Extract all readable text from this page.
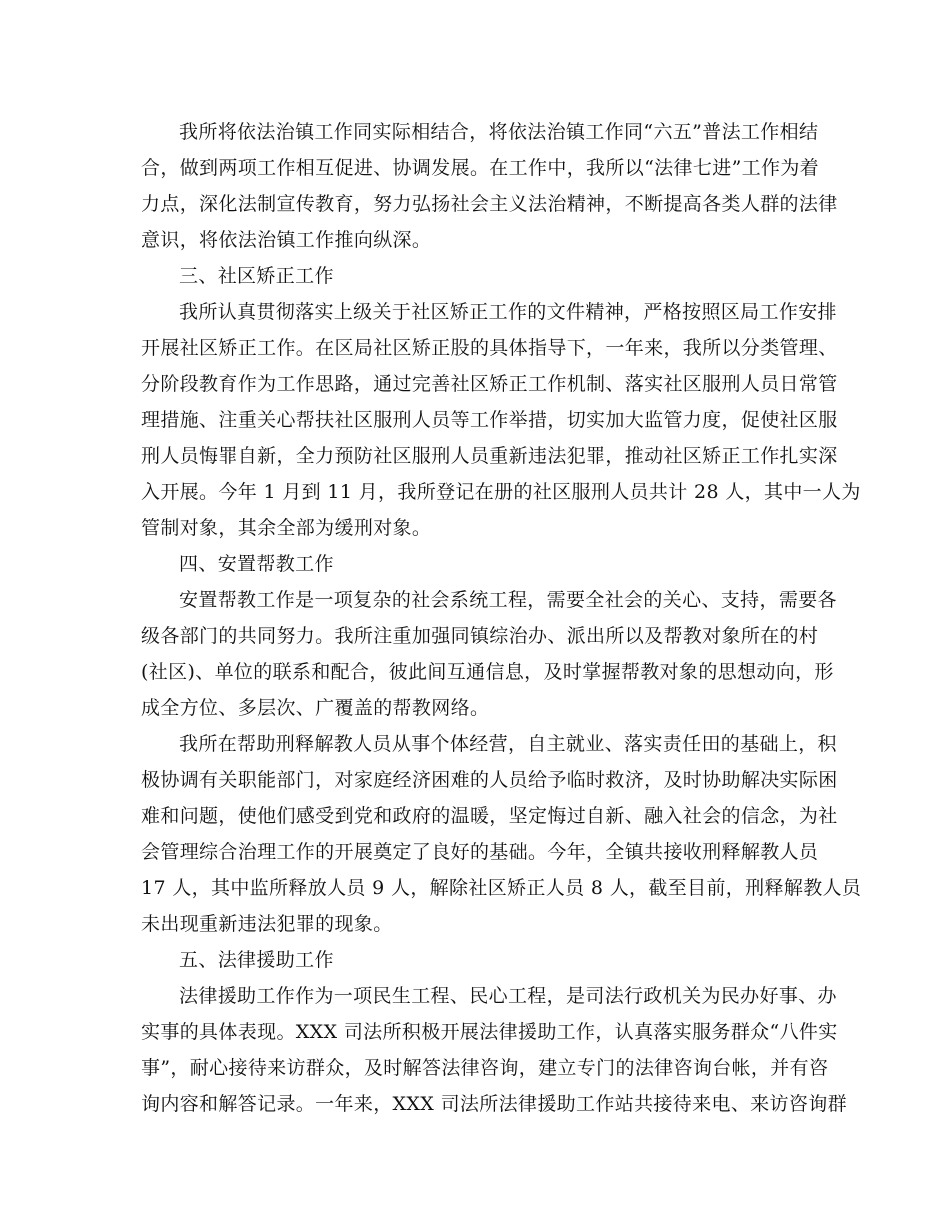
我所将依法治镇工作同实际相结合，将依法治镇工作同“六五”普法工作相结
合，做到两项工作相互促进、协调发展。在工作中，我所以“法律七进”工作为着
力点，深化法制宣传教育，努力弘扬社会主义法治精神，不断提高各类人群的法律
意识，将依法治镇工作推向纵深。
三、社区矫正工作
我所认真贯彻落实上级关于社区矫正工作的文件精神，严格按照区局工作安排
开展社区矫正工作。在区局社区矫正股的具体指导下，一年来，我所以分类管理、
分阶段教育作为工作思路，通过完善社区矫正工作机制、落实社区服刑人员日常管
理措施、注重关心帮扶社区服刑人员等工作举措，切实加大监管力度，促使社区服
刑人员悔罪自新，全力预防社区服刑人员重新违法犯罪，推动社区矫正工作扎实深
入开展。今年 1 月到 11 月，我所登记在册的社区服刑人员共计 28 人，其中一人为
管制对象，其余全部为缓刑对象。
四、安置帮教工作
安置帮教工作是一项复杂的社会系统工程，需要全社会的关心、支持，需要各
级各部门的共同努力。我所注重加强同镇综治办、派出所以及帮教对象所在的村
(社区)、单位的联系和配合，彼此间互通信息，及时掌握帮教对象的思想动向，形
成全方位、多层次、广覆盖的帮教网络。
我所在帮助刑释解教人员从事个体经营，自主就业、落实责任田的基础上，积
极协调有关职能部门，对家庭经济困难的人员给予临时救济，及时协助解决实际困
难和问题，使他们感受到党和政府的温暖，坚定悔过自新、融入社会的信念，为社
会管理综合治理工作的开展奠定了良好的基础。今年，全镇共接收刑释解教人员
17 人，其中监所释放人员 9 人，解除社区矫正人员 8 人，截至目前，刑释解教人员
未出现重新违法犯罪的现象。
五、法律援助工作
法律援助工作作为一项民生工程、民心工程，是司法行政机关为民办好事、办
实事的具体表现。XXX 司法所积极开展法律援助工作，认真落实服务群众“八件实
事”，耐心接待来访群众，及时解答法律咨询，建立专门的法律咨询台帐，并有咨
询内容和解答记录。一年来，XXX 司法所法律援助工作站共接待来电、来访咨询群
